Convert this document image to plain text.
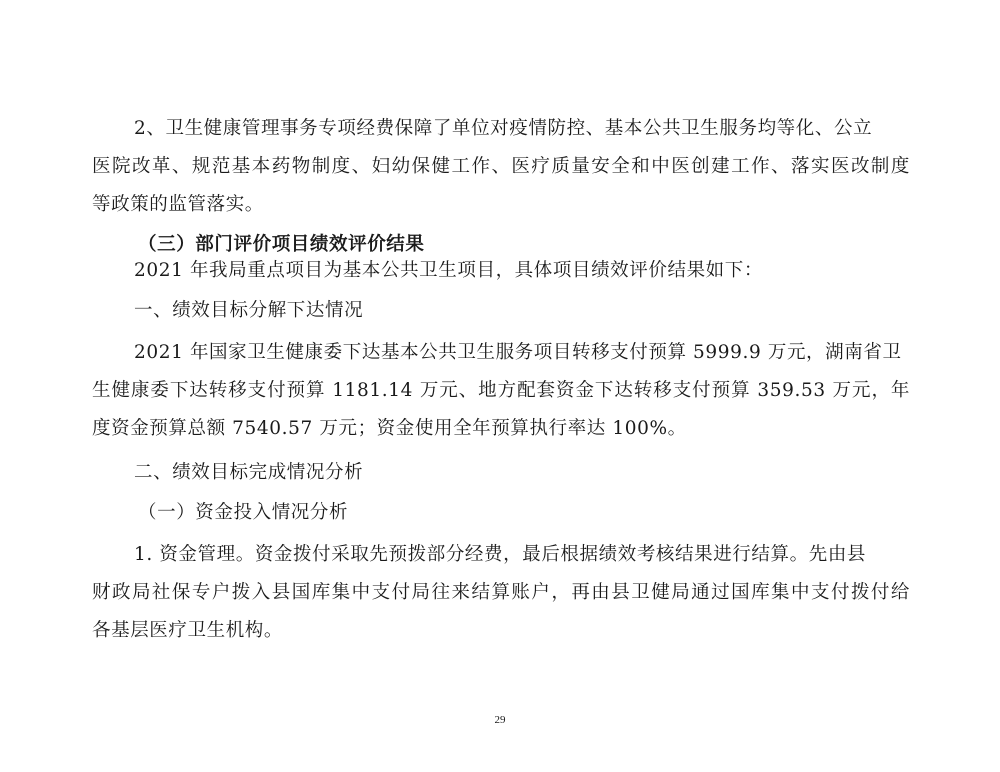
2、卫生健康管理事务专项经费保障了单位对疫情防控、基本公共卫生服务均等化、公立
医院改革、规范基本药物制度、妇幼保健工作、医疗质量安全和中医创建工作、落实医改制度
等政策的监管落实。
（三）部门评价项目绩效评价结果
2021 年我局重点项目为基本公共卫生项目，具体项目绩效评价结果如下：
一、绩效目标分解下达情况
2021 年国家卫生健康委下达基本公共卫生服务项目转移支付预算 5999.9 万元，湖南省卫
生健康委下达转移支付预算 1181.14 万元、地方配套资金下达转移支付预算 359.53 万元，年
度资金预算总额 7540.57 万元；资金使用全年预算执行率达 100%。
二、绩效目标完成情况分析
（一）资金投入情况分析
1. 资金管理。资金拨付采取先预拨部分经费，最后根据绩效考核结果进行结算。先由县
财政局社保专户拨入县国库集中支付局往来结算账户，再由县卫健局通过国库集中支付拨付给
各基层医疗卫生机构。
29
